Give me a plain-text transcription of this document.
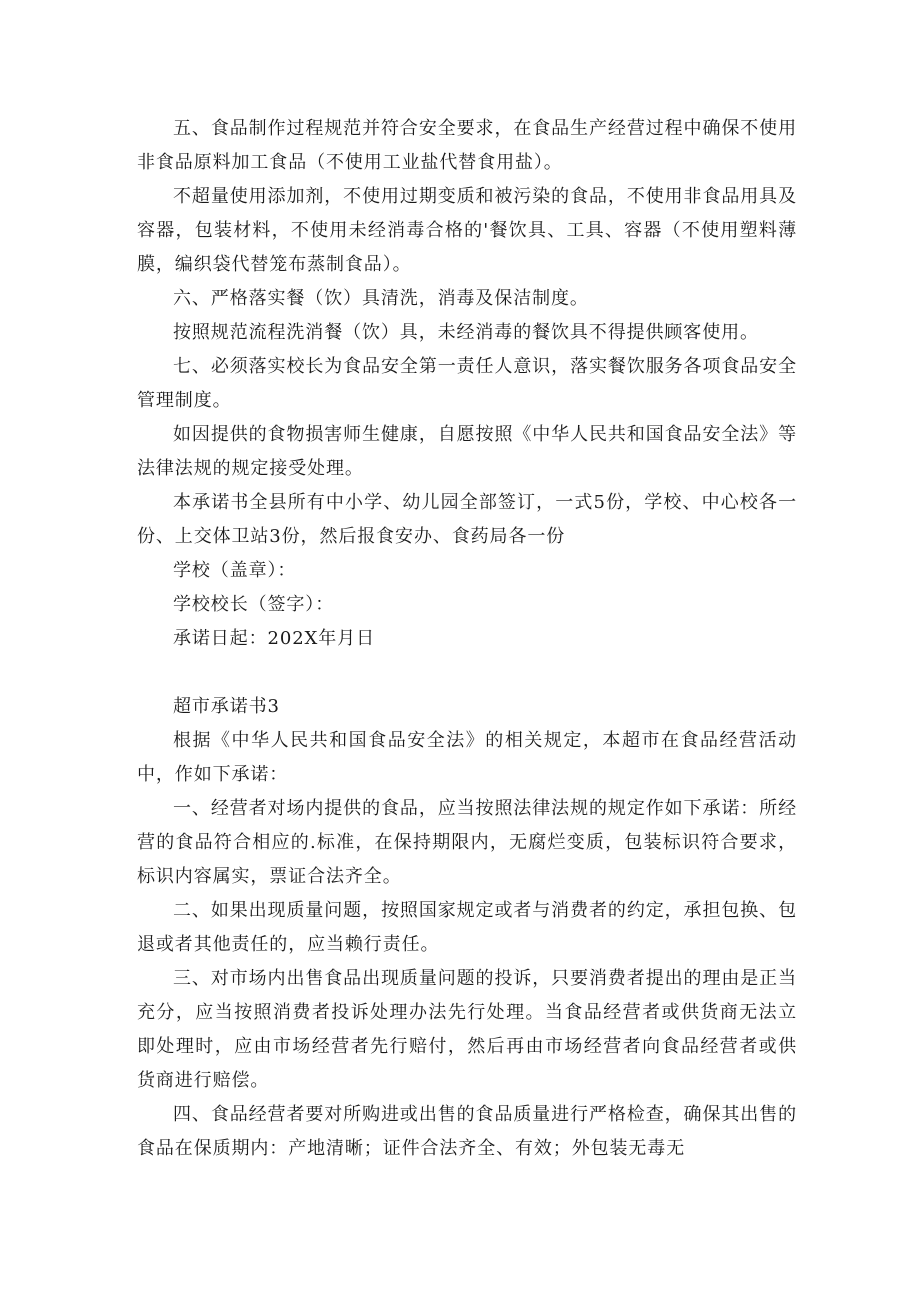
五、食品制作过程规范并符合安全要求，在食品生产经营过程中确保不使用非食品原料加工食品（不使用工业盐代替食用盐）。

不超量使用添加剂，不使用过期变质和被污染的食品，不使用非食品用具及容器，包装材料，不使用未经消毒合格的'餐饮具、工具、容器（不使用塑料薄膜，编织袋代替笼布蒸制食品）。

六、严格落实餐（饮）具清洗，消毒及保洁制度。

按照规范流程洗消餐（饮）具，未经消毒的餐饮具不得提供顾客使用。

七、必须落实校长为食品安全第一责任人意识，落实餐饮服务各项食品安全管理制度。

如因提供的食物损害师生健康，自愿按照《中华人民共和国食品安全法》等法律法规的规定接受处理。

本承诺书全县所有中小学、幼儿园全部签订，一式5份，学校、中心校各一份、上交体卫站3份，然后报食安办、食药局各一份

学校（盖章）：

学校校长（签字）：

承诺日起：202X年月日

超市承诺书3

根据《中华人民共和国食品安全法》的相关规定，本超市在食品经营活动中，作如下承诺：

一、经营者对场内提供的食品，应当按照法律法规的规定作如下承诺：所经营的食品符合相应的.标准，在保持期限内，无腐烂变质，包装标识符合要求，标识内容属实，票证合法齐全。

二、如果出现质量问题，按照国家规定或者与消费者的约定，承担包换、包退或者其他责任的，应当赖行责任。

三、对市场内出售食品出现质量问题的投诉，只要消费者提出的理由是正当充分，应当按照消费者投诉处理办法先行处理。当食品经营者或供货商无法立即处理时，应由市场经营者先行赔付，然后再由市场经营者向食品经营者或供货商进行赔偿。

四、食品经营者要对所购进或出售的食品质量进行严格检查，确保其出售的食品在保质期内：产地清晰；证件合法齐全、有效；外包装无毒无
